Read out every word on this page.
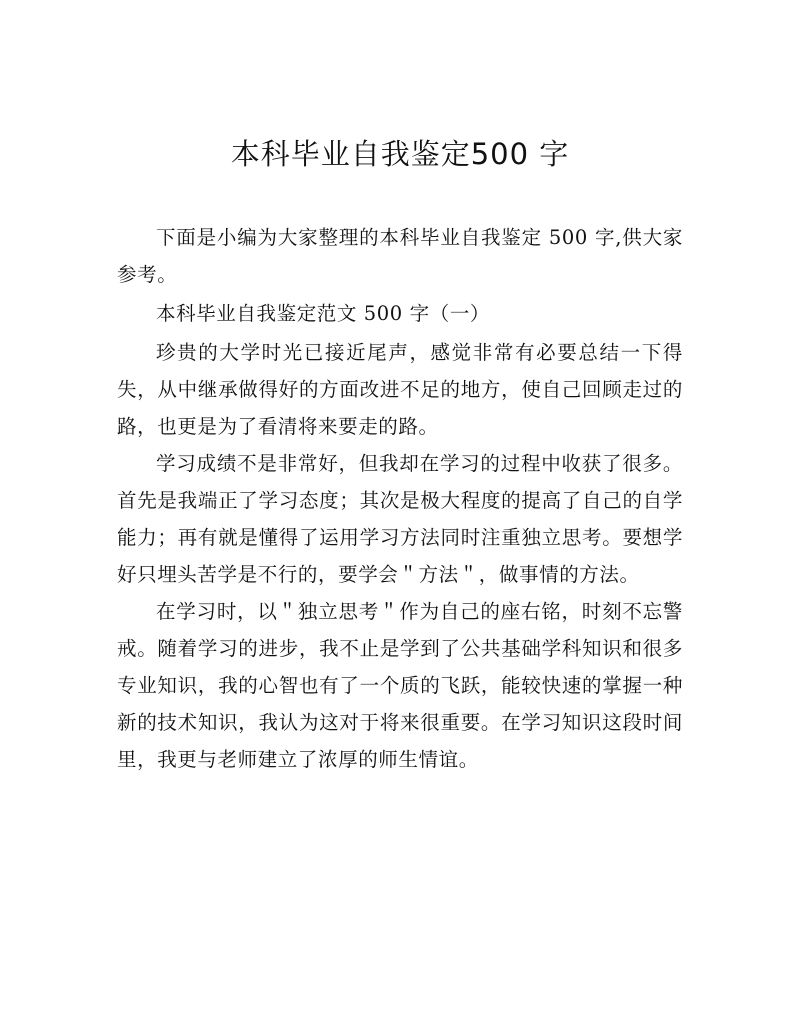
本科毕业自我鉴定500 字

下面是小编为大家整理的本科毕业自我鉴定 500 字,供大家参考。

本科毕业自我鉴定范文 500 字（一）

珍贵的大学时光已接近尾声，感觉非常有必要总结一下得失，从中继承做得好的方面改进不足的地方，使自己回顾走过的路，也更是为了看清将来要走的路。

学习成绩不是非常好，但我却在学习的过程中收获了很多。首先是我端正了学习态度；其次是极大程度的提高了自己的自学能力；再有就是懂得了运用学习方法同时注重独立思考。要想学好只埋头苦学是不行的，要学会＂方法＂，做事情的方法。

在学习时，以＂独立思考＂作为自己的座右铭，时刻不忘警戒。随着学习的进步，我不止是学到了公共基础学科知识和很多专业知识，我的心智也有了一个质的飞跃，能较快速的掌握一种新的技术知识，我认为这对于将来很重要。在学习知识这段时间里，我更与老师建立了浓厚的师生情谊。
